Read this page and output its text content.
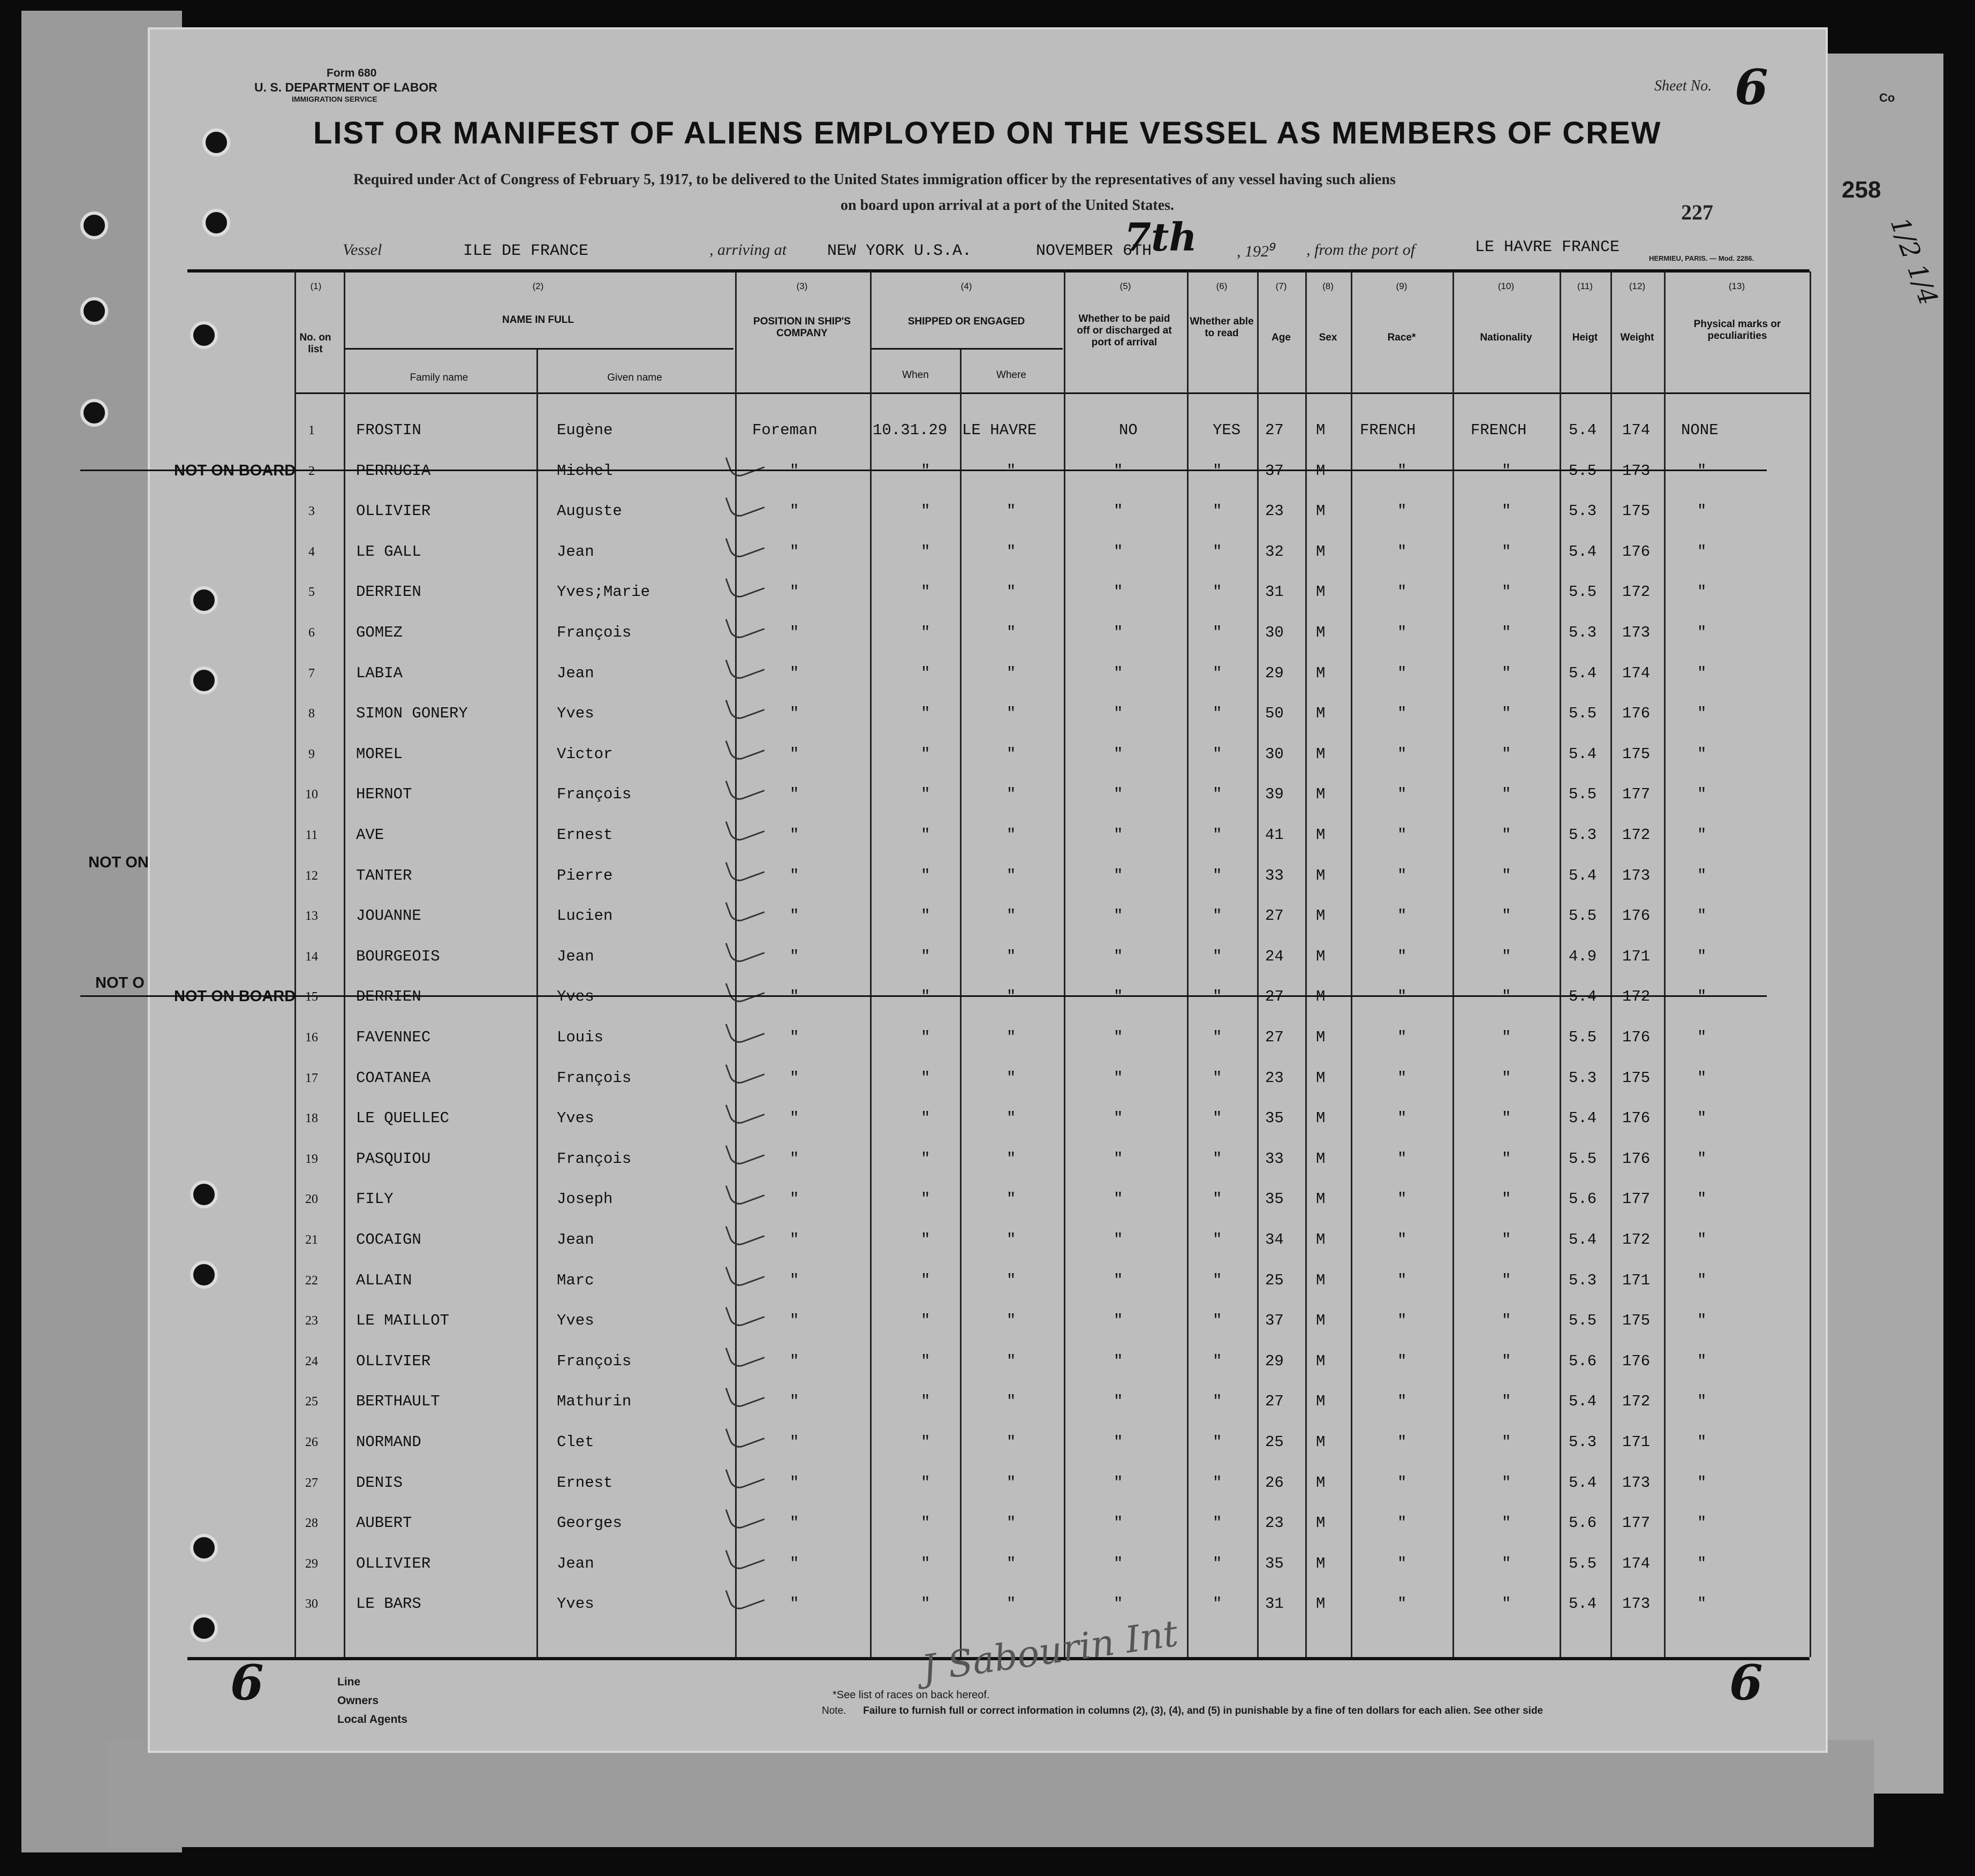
258
1/2 1/4
Co
NOT ON
NOT O
Form 680
U. S. DEPARTMENT OF LABOR
IMMIGRATION SERVICE
Sheet No. 6
LIST OR MANIFEST OF ALIENS EMPLOYED ON THE VESSEL AS MEMBERS OF CREW
Required under Act of Congress of February 5, 1917, to be delivered to the United States immigration officer by the representatives of any vessel having such aliens
on board upon arrival at a port of the United States.	227
Vessel	ILE DE FRANCE	, arriving at	NEW YORK U.S.A.	NOVEMBER 6TH
7th , $192^9$ , from the port of	LE HAVRE FRANCE
HERMIEU, PARIS. — Mod. 2286.
(1)
No. on list
(2)
NAME IN FULL
Family name	Given name
(3)
POSITION IN SHIP'S COMPANY
(4)
SHIPPED OR ENGAGED
When	Where
(5)
Whether to be paid off or discharged at port of arrival
(6)
Whether able to read
(7)
Age
(8)
Sex
(9)
Race*
(10)
Nationality
(11)
Heigt
(12)
Weight
(13)
Physical marks or peculiarities
1	FROSTIN	Eugène	Foreman	10.31.29 LE HAVRE	NO	YES 27 M FRENCH	FRENCH	5.4 174 NONE
2	PERRUGIA	Michel	"	"	"	"	"	37 M	"	"	5.5 173	"
NOT ON BOARD
3	OLLIVIER	Auguste	"	"	"	"	"	23 M	"	"	5.3 175	"
4	LE GALL	Jean	"	"	"	"	"	32 M	"	"	5.4 176	"
5	DERRIEN	Yves;Marie	"	"	"	"	"	31 M	"	"	5.5 172	"
6	GOMEZ	François	"	"	"	"	"	30 M	"	"	5.3 173	"
7	LABIA	Jean	"	"	"	"	"	29 M	"	"	5.4 174	"
8	SIMON GONERY	Yves	"	"	"	"	"	50 M	"	"	5.5 176	"
9	MOREL	Victor	"	"	"	"	"	30 M	"	"	5.4 175	"
10	HERNOT	François	"	"	"	"	"	39 M	"	"	5.5 177	"
11	AVE	Ernest	"	"	"	"	"	41 M	"	"	5.3 172	"
12	TANTER	Pierre	"	"	"	"	"	33 M	"	"	5.4 173	"
13	JOUANNE	Lucien	"	"	"	"	"	27 M	"	"	5.5 176	"
14	BOURGEOIS	Jean	"	"	"	"	"	24 M	"	"	4.9 171	"
15	DERRIEN	Yves	"	"	"	"	"	27 M	"	"	5.4 172	"
NOT ON BOARD
16	FAVENNEC	Louis	"	"	"	"	"	27 M	"	"	5.5 176	"
17	COATANEA	François	"	"	"	"	"	23 M	"	"	5.3 175	"
18	LE QUELLEC	Yves	"	"	"	"	"	35 M	"	"	5.4 176	"
19	PASQUIOU	François	"	"	"	"	"	33 M	"	"	5.5 176	"
20	FILY	Joseph	"	"	"	"	"	35 M	"	"	5.6 177	"
21	COCAIGN	Jean	"	"	"	"	"	34 M	"	"	5.4 172	"
22	ALLAIN	Marc	"	"	"	"	"	25 M	"	"	5.3 171	"
23	LE MAILLOT	Yves	"	"	"	"	"	37 M	"	"	5.5 175	"
24	OLLIVIER	François	"	"	"	"	"	29 M	"	"	5.6 176	"
25	BERTHAULT	Mathurin	"	"	"	"	"	27 M	"	"	5.4 172	"
26	NORMAND	Clet	"	"	"	"	"	25 M	"	"	5.3 171	"
27	DENIS	Ernest	"	"	"	"	"	26 M	"	"	5.4 173	"
28	AUBERT	Georges	"	"	"	"	"	23 M	"	"	5.6 177	"
29	OLLIVIER	Jean	"	"	"	"	"	35 M	"	"	5.5 174	"
30	LE BARS	Yves	"	"	"	"	"	31 M	"	"	5.4 173	"
6	6
Line
Owners
Local Agents
*See list of races on back hereof.
Note. Failure to furnish full or correct information in columns (2), (3), (4), and (5) in punishable by a fine of ten dollars for each alien. See other side
J Sabourin Int
